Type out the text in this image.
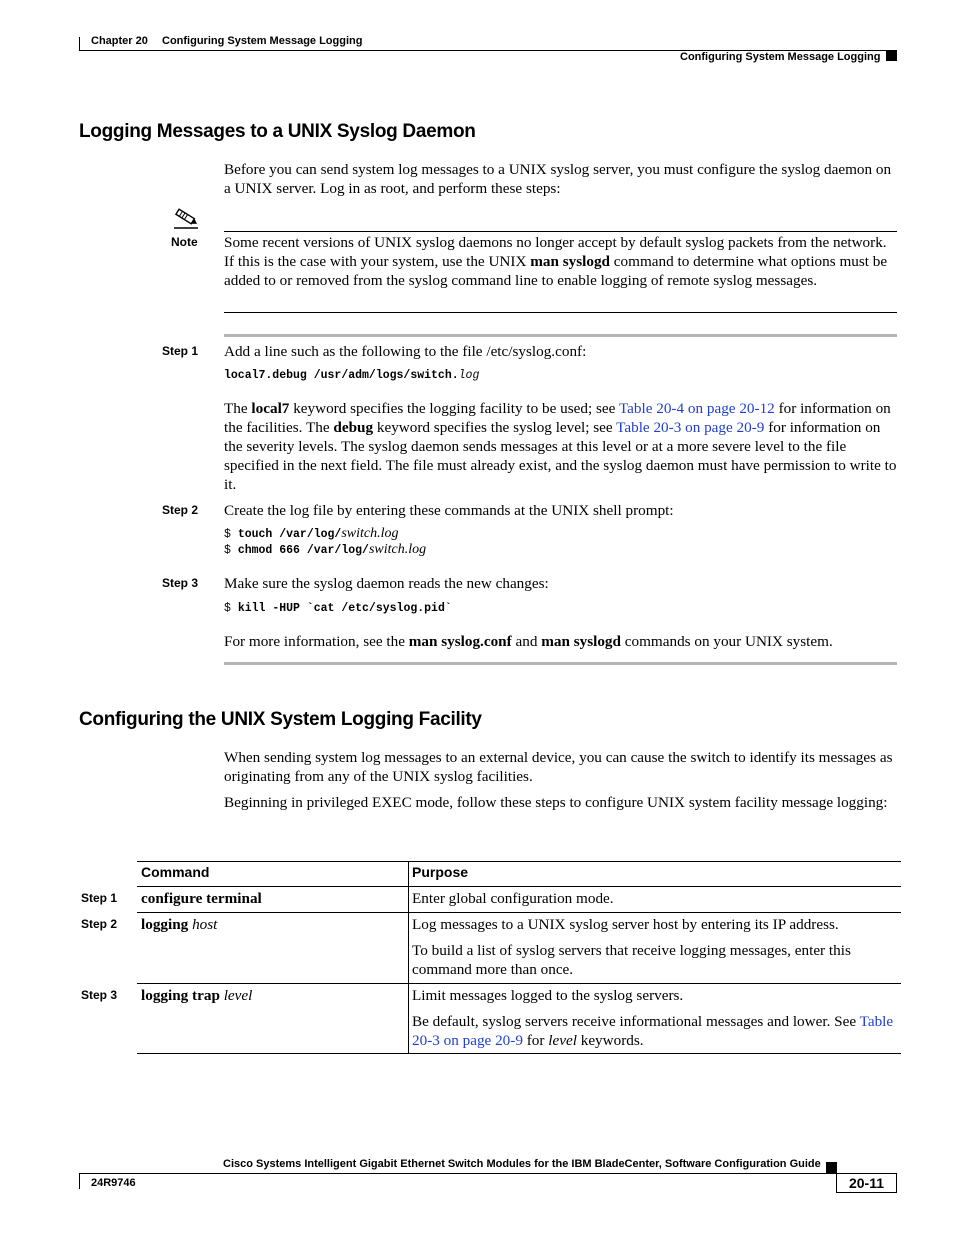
Chapter 20 Configuring System Message Logging
Configuring System Message Logging
Logging Messages to a UNIX Syslog Daemon
Before you can send system log messages to a UNIX syslog server, you must configure the syslog daemon on a UNIX server. Log in as root, and perform these steps:
Note Some recent versions of UNIX syslog daemons no longer accept by default syslog packets from the network. If this is the case with your system, use the UNIX man syslogd command to determine what options must be added to or removed from the syslog command line to enable logging of remote syslog messages.
Step 1 Add a line such as the following to the file /etc/syslog.conf:
local7.debug /usr/adm/logs/switch.log
The local7 keyword specifies the logging facility to be used; see Table 20-4 on page 20-12 for information on the facilities. The debug keyword specifies the syslog level; see Table 20-3 on page 20-9 for information on the severity levels. The syslog daemon sends messages at this level or at a more severe level to the file specified in the next field. The file must already exist, and the syslog daemon must have permission to write to it.
Step 2 Create the log file by entering these commands at the UNIX shell prompt:
$ touch /var/log/switch.log
$ chmod 666 /var/log/switch.log
Step 3 Make sure the syslog daemon reads the new changes:
$ kill -HUP `cat /etc/syslog.pid`
For more information, see the man syslog.conf and man syslogd commands on your UNIX system.
Configuring the UNIX System Logging Facility
When sending system log messages to an external device, you can cause the switch to identify its messages as originating from any of the UNIX syslog facilities.
Beginning in privileged EXEC mode, follow these steps to configure UNIX system facility message logging:
Command	Purpose
Step 1 configure terminal	Enter global configuration mode.
Step 2 logging host	Log messages to a UNIX syslog server host by entering its IP address.
To build a list of syslog servers that receive logging messages, enter this command more than once.
Step 3 logging trap level	Limit messages logged to the syslog servers.
Be default, syslog servers receive informational messages and lower. See Table 20-3 on page 20-9 for level keywords.
Cisco Systems Intelligent Gigabit Ethernet Switch Modules for the IBM BladeCenter, Software Configuration Guide
24R9746	20-11
